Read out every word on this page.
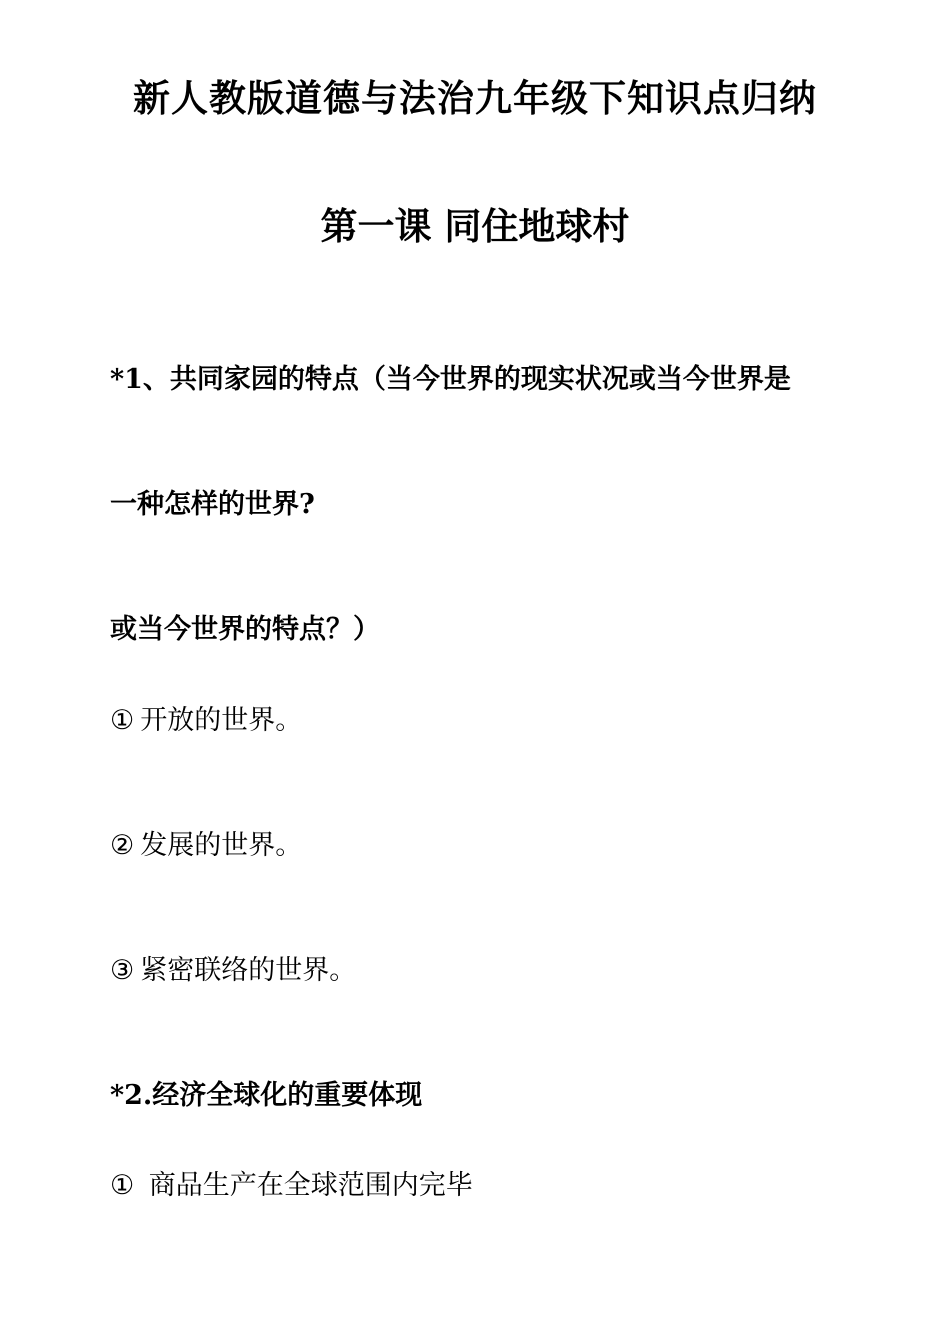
新人教版道德与法治九年级下知识点归纳
第一课 同住地球村
*1、共同家园的特点（当今世界的现实状况或当今世界是
一种怎样的世界?
或当今世界的特点？）
① 开放的世界。
② 发展的世界。
③ 紧密联络的世界。
*2.经济全球化的重要体现
① 商品生产在全球范围内完毕
